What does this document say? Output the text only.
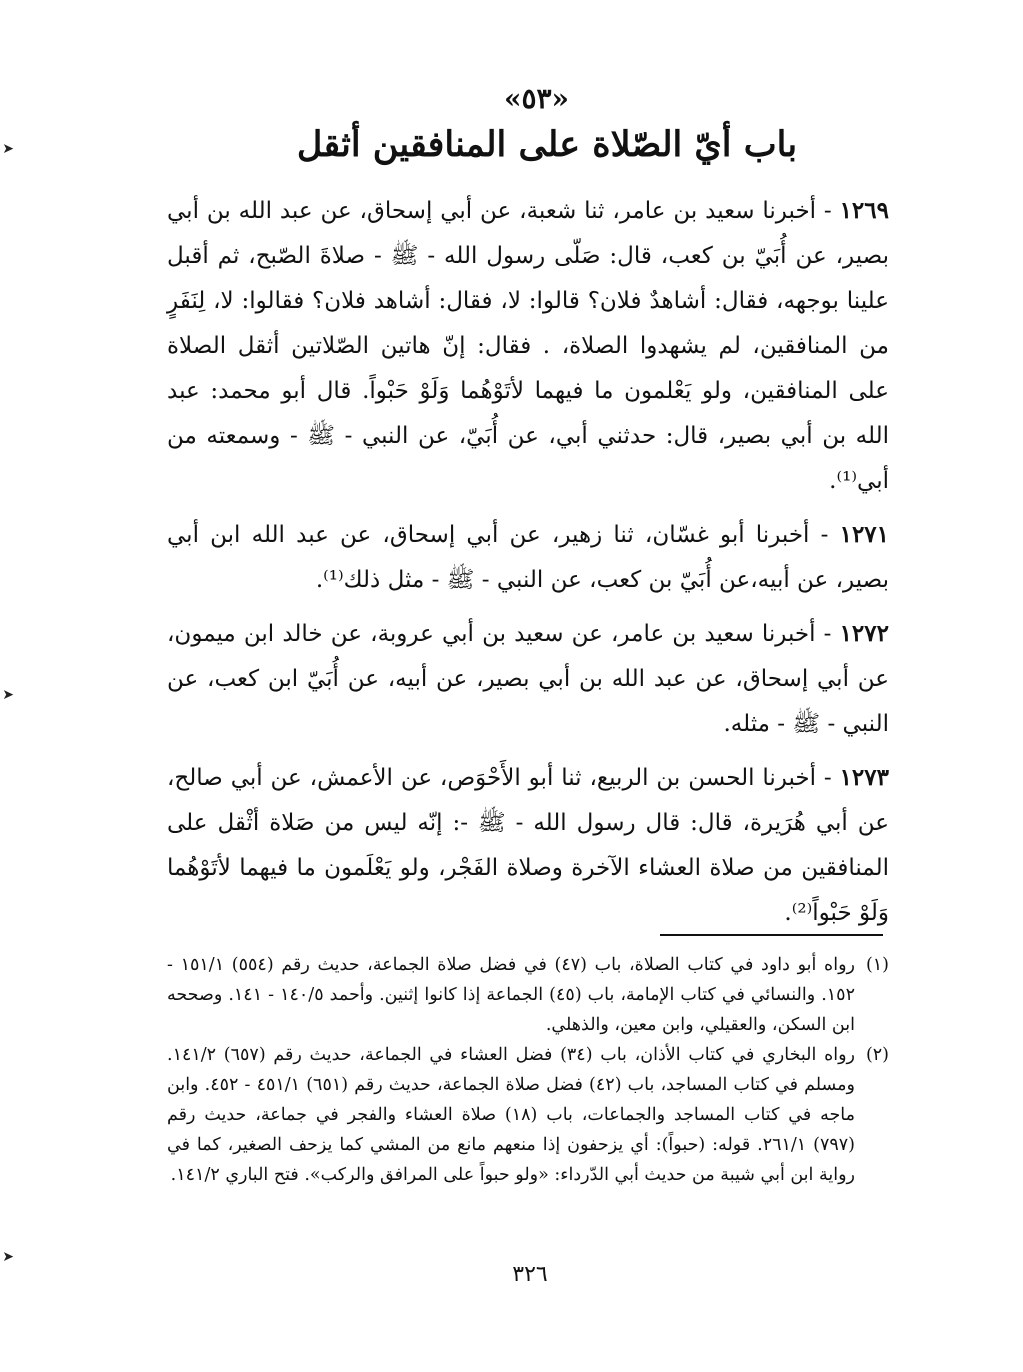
➤
➤
➤
«٥٣»
باب أيّ الصّلاة على المنافقين أثقل

١٢٦٩ - أخبرنا سعيد بن عامر، ثنا شعبة، عن أبي إسحاق، عن عبد الله بن أبي بصير، عن أُبَيّ بن كعب، قال: صَلّى رسول الله - ﷺ - صلاةَ الصّبح، ثم أقبل علينا بوجهه، فقال: أشاهدٌ فلان؟ قالوا: لا، فقال: أشاهد فلان؟ فقالوا: لا، لِنَفَرٍ من المنافقين، لم يشهدوا الصلاة، . فقال: إنّ هاتين الصّلاتين أثقل الصلاة على المنافقين، ولو يَعْلمون ما فيهما لأتَوْهُما وَلَوْ حَبْواً. قال أبو محمد: عبد الله بن أبي بصير، قال: حدثني أبي، عن أُبَيّ، عن النبي - ﷺ - وسمعته من أبي⁽¹⁾.

١٢٧١ - أخبرنا أبو غسّان، ثنا زهير، عن أبي إسحاق، عن عبد الله ابن أبي بصير، عن أبيه،عن أُبَيّ بن كعب، عن النبي - ﷺ - مثل ذلك⁽¹⁾.

١٢٧٢ - أخبرنا سعيد بن عامر، عن سعيد بن أبي عروبة، عن خالد ابن ميمون، عن أبي إسحاق، عن عبد الله بن أبي بصير، عن أبيه، عن أُبَيّ ابن كعب، عن النبي - ﷺ - مثله.

١٢٧٣ - أخبرنا الحسن بن الربيع، ثنا أبو الأَحْوَص، عن الأعمش، عن أبي صالح، عن أبي هُرَيرة، قال: قال رسول الله - ﷺ -: إنّه ليس من صَلاة أثْقل على المنافقين من صلاة العشاء الآخرة وصلاة الفَجْر، ولو يَعْلَمون ما فيهما لأتَوْهُما وَلَوْ حَبْواً⁽²⁾.

(١)
رواه أبو داود في كتاب الصلاة، باب (٤٧) في فضل صلاة الجماعة، حديث رقم (٥٥٤) ١٥١/١ - ١٥٢. والنسائي في كتاب الإمامة، باب (٤٥) الجماعة إذا كانوا إثنين. وأحمد ١٤٠/٥ - ١٤١. وصححه ابن السكن، والعقيلي، وابن معين، والذهلي.

(٢)
رواه البخاري في كتاب الأذان، باب (٣٤) فضل العشاء في الجماعة، حديث رقم (٦٥٧) ١٤١/٢. ومسلم في كتاب المساجد، باب (٤٢) فضل صلاة الجماعة، حديث رقم (٦٥١) ٤٥١/١ - ٤٥٢. وابن ماجه في كتاب المساجد والجماعات، باب (١٨) صلاة العشاء والفجر في جماعة، حديث رقم (٧٩٧) ٢٦١/١. قوله: (حبواً): أي يزحفون إذا منعهم مانع من المشي كما يزحف الصغير، كما في رواية ابن أبي شيبة من حديث أبي الدّرداء: «ولو حبواً على المرافق والركب». فتح الباري ١٤١/٢.

٣٢٦
